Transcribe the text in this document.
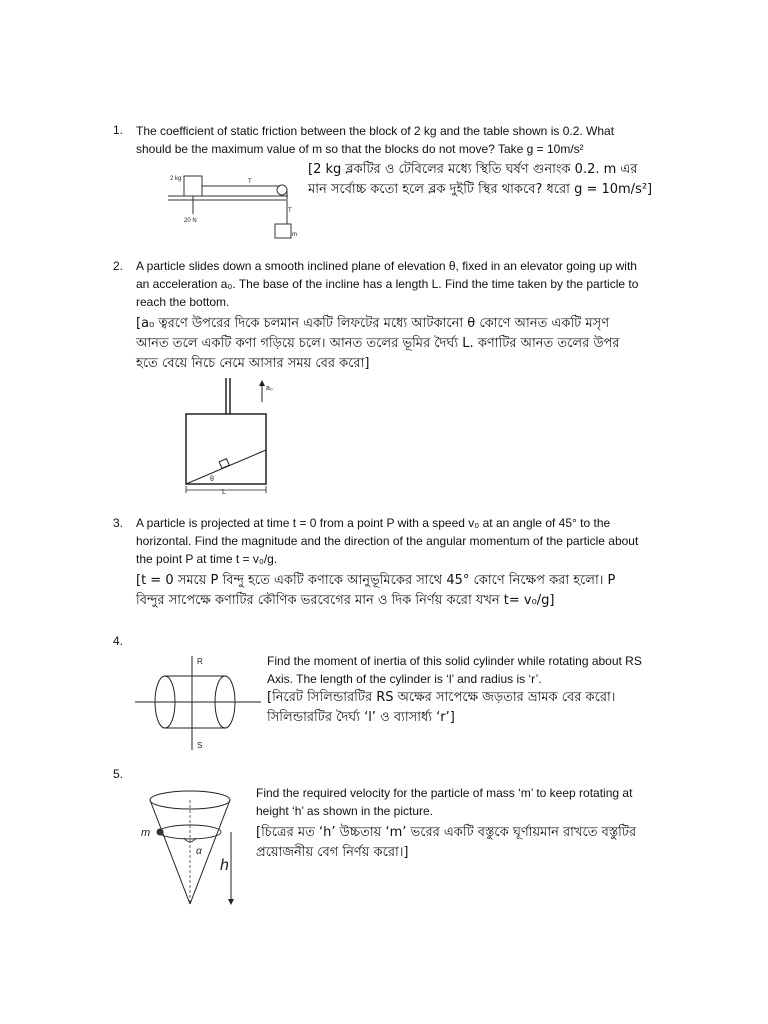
1. The coefficient of static friction between the block of 2 kg and the table shown is 0.2. What
should be the maximum value of m so that the blocks do not move? Take g = 10m/s²
[2 kg ব্লকটির ও টেবিলের মধ্যে স্থিতি ঘর্ষণ গুনাংক 0.2. m এর
মান সর্বোচ্চ কতো হলে ব্লক দুইটি স্থির থাকবে? ধরো g = 10m/s²]
2 kg	T
T
20 N
m
2. A particle slides down a smooth inclined plane of elevation θ, fixed in an elevator going up with
an acceleration a₀. The base of the incline has a length L. Find the time taken by the particle to
reach the bottom.
[a₀ ত্বরণে উপরের দিকে চলমান একটি লিফটের মধ্যে আটকানো θ কোণে আনত একটি মসৃণ
আনত তলে একটি কণা গড়িয়ে চলে। আনত তলের ভূমির দৈর্ঘ্য L. কণাটির আনত তলের উপর
হতে বেয়ে নিচে নেমে আসার সময় বের করো]
a₀
θ
L
3. A particle is projected at time t = 0 from a point P with a speed v₀ at an angle of 45° to the
horizontal. Find the magnitude and the direction of the angular momentum of the particle about
the point P at time t = v₀/g.
[t = 0 সময়ে P বিন্দু হতে একটি কণাকে আনুভূমিকের সাথে 45° কোণে নিক্ষেপ করা হলো। P
বিন্দুর সাপেক্ষে কণাটির কৌণিক ভরবেগের মান ও দিক নির্ণয় করো যখন t= v₀/g]
4.
Find the moment of inertia of this solid cylinder while rotating about RS
Axis. The length of the cylinder is ‘l’ and radius is ‘r’.
[নিরেট সিলিন্ডারটির RS অক্ষের সাপেক্ষে জড়তার ভ্রামক বের করো।
সিলিন্ডারটির দৈর্ঘ্য ‘l’ ও ব্যাসার্ধ্য ‘r’]
R
S
5.
Find the required velocity for the particle of mass ‘m’ to keep rotating at
height ‘h’ as shown in the picture.
[চিত্রের মত ‘h’ উচ্চতায় ‘m’ ভরের একটি বস্তুকে ঘূর্ণায়মান রাখতে বস্তুটির
প্রয়োজনীয় বেগ নির্ণয় করো।]
m
α
h
